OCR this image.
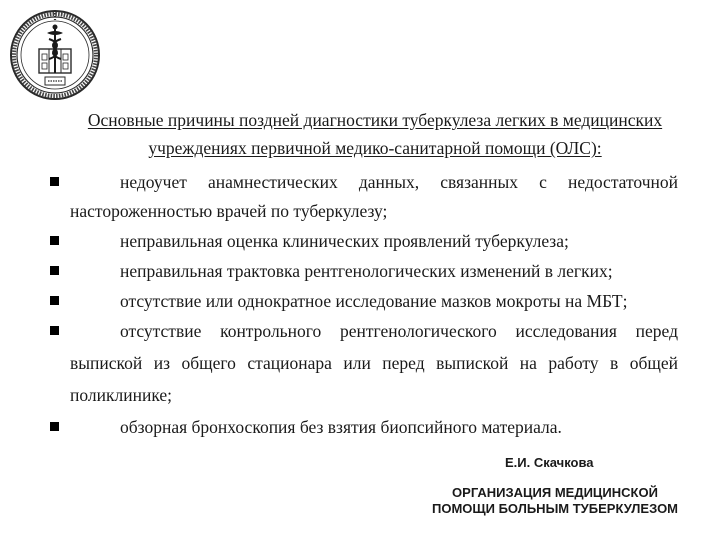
Основные причины поздней диагностики туберкулеза легких в медицинских
учреждениях первичной медико-санитарной помощи (ОЛС):
недоучет анамнестических данных, связанных с недостаточной
настороженностью врачей по туберкулезу;
неправильная оценка клинических проявлений туберкулеза;
неправильная трактовка рентгенологических изменений в легких;
отсутствие или однократное исследование мазков мокроты на МБТ;
отсутствие контрольного рентгенологического исследования перед
выпиской из общего стационара или перед выпиской на работу в общей
поликлинике;
обзорная бронхоскопия без взятия биопсийного материала.
Е.И. Скачкова
ОРГАНИЗАЦИЯ МЕДИЦИНСКОЙ
ПОМОЩИ БОЛЬНЫМ ТУБЕРКУЛЕЗОМ
